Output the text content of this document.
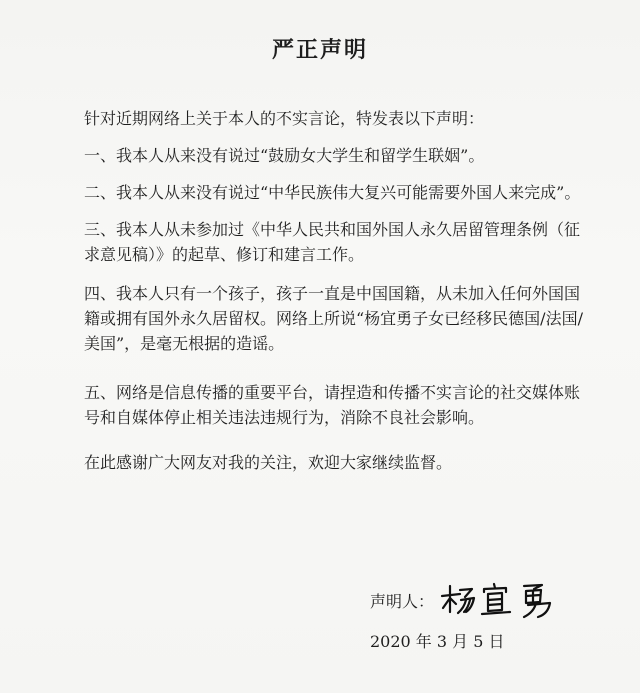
严正声明

针对近期网络上关于本人的不实言论，特发表以下声明：

一、我本人从来没有说过“鼓励女大学生和留学生联姻”。

二、我本人从来没有说过“中华民族伟大复兴可能需要外国人来完成”。

三、我本人从未参加过《中华人民共和国外国人永久居留管理条例（征求意见稿）》的起草、修订和建言工作。

四、我本人只有一个孩子，孩子一直是中国国籍，从未加入任何外国国籍或拥有国外永久居留权。网络上所说“杨宜勇子女已经移民德国/法国/美国”，是毫无根据的造谣。

五、网络是信息传播的重要平台，请捏造和传播不实言论的社交媒体账号和自媒体停止相关违法违规行为，消除不良社会影响。

在此感谢广大网友对我的关注，欢迎大家继续监督。

声明人：
2020 年 3 月 5 日
